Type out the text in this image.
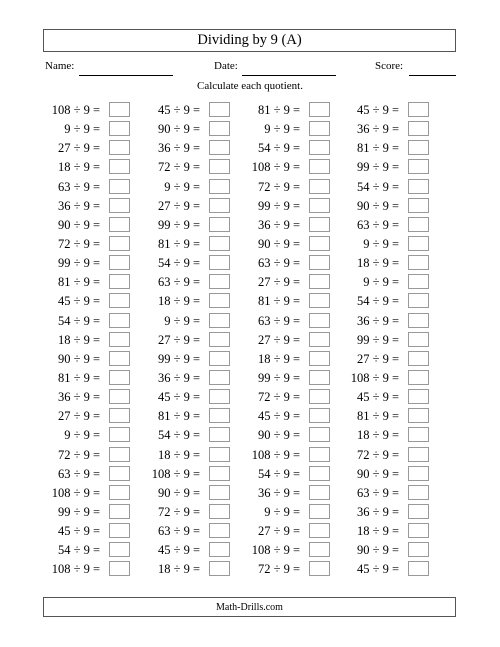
Dividing by 9 (A)
Name:	Date:	Score:
Calculate each quotient.
108 ÷ 9 =
9 ÷ 9 =
27 ÷ 9 =
18 ÷ 9 =
63 ÷ 9 =
36 ÷ 9 =
90 ÷ 9 =
72 ÷ 9 =
99 ÷ 9 =
81 ÷ 9 =
45 ÷ 9 =
54 ÷ 9 =
18 ÷ 9 =
90 ÷ 9 =
81 ÷ 9 =
36 ÷ 9 =
27 ÷ 9 =
9 ÷ 9 =
72 ÷ 9 =
63 ÷ 9 =
108 ÷ 9 =
99 ÷ 9 =
45 ÷ 9 =
54 ÷ 9 =
108 ÷ 9 =
45 ÷ 9 =
90 ÷ 9 =
36 ÷ 9 =
72 ÷ 9 =
9 ÷ 9 =
27 ÷ 9 =
99 ÷ 9 =
81 ÷ 9 =
54 ÷ 9 =
63 ÷ 9 =
18 ÷ 9 =
9 ÷ 9 =
27 ÷ 9 =
99 ÷ 9 =
36 ÷ 9 =
45 ÷ 9 =
81 ÷ 9 =
54 ÷ 9 =
18 ÷ 9 =
108 ÷ 9 =
90 ÷ 9 =
72 ÷ 9 =
63 ÷ 9 =
45 ÷ 9 =
18 ÷ 9 =
81 ÷ 9 =
9 ÷ 9 =
54 ÷ 9 =
108 ÷ 9 =
72 ÷ 9 =
99 ÷ 9 =
36 ÷ 9 =
90 ÷ 9 =
63 ÷ 9 =
27 ÷ 9 =
81 ÷ 9 =
63 ÷ 9 =
27 ÷ 9 =
18 ÷ 9 =
99 ÷ 9 =
72 ÷ 9 =
45 ÷ 9 =
90 ÷ 9 =
108 ÷ 9 =
54 ÷ 9 =
36 ÷ 9 =
9 ÷ 9 =
27 ÷ 9 =
108 ÷ 9 =
72 ÷ 9 =
45 ÷ 9 =
36 ÷ 9 =
81 ÷ 9 =
99 ÷ 9 =
54 ÷ 9 =
90 ÷ 9 =
63 ÷ 9 =
9 ÷ 9 =
18 ÷ 9 =
9 ÷ 9 =
54 ÷ 9 =
36 ÷ 9 =
99 ÷ 9 =
27 ÷ 9 =
108 ÷ 9 =
45 ÷ 9 =
81 ÷ 9 =
18 ÷ 9 =
72 ÷ 9 =
90 ÷ 9 =
63 ÷ 9 =
36 ÷ 9 =
18 ÷ 9 =
90 ÷ 9 =
45 ÷ 9 =
Math-Drills.com
